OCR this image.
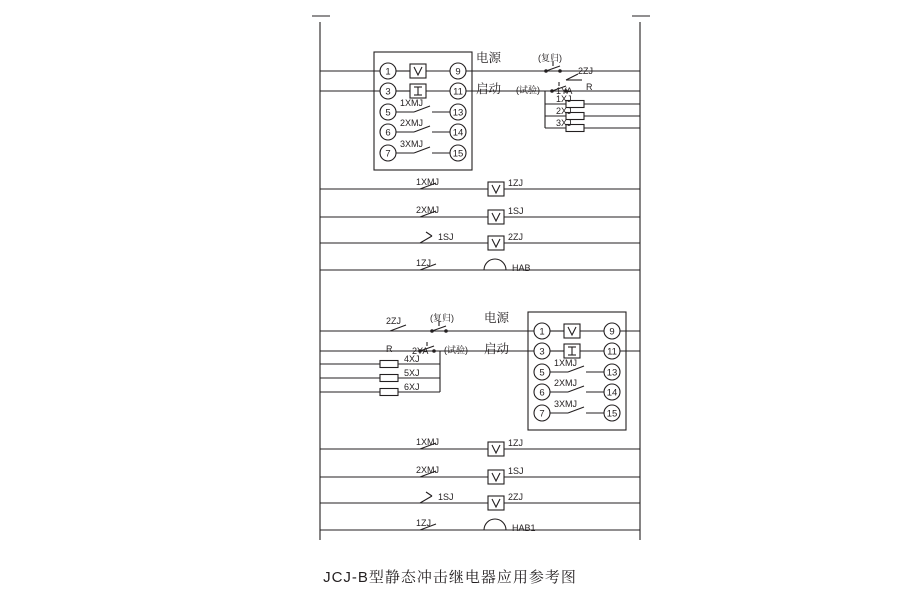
1	9
3	11
5	13
1XMJ
6	14
2XMJ
7	15
3XMJ
电源
启动
(复归)
2ZJ
(试验) 1YA R
1XJ
2XJ
3XJ
1XMJ	1ZJ
2XMJ	1SJ
1SJ	2ZJ
1ZJ	HAB
1	9
3	11
5	13
1XMJ
6	14
2XMJ
7	15
3XMJ
电源
启动
(复归)
2ZJ
(试验)
2YA
R
4XJ
5XJ
6XJ
1XMJ	1ZJ
2XMJ	1SJ
1SJ	2ZJ
1ZJ	HAB1
JCJ-B型静态冲击继电器应用参考图
